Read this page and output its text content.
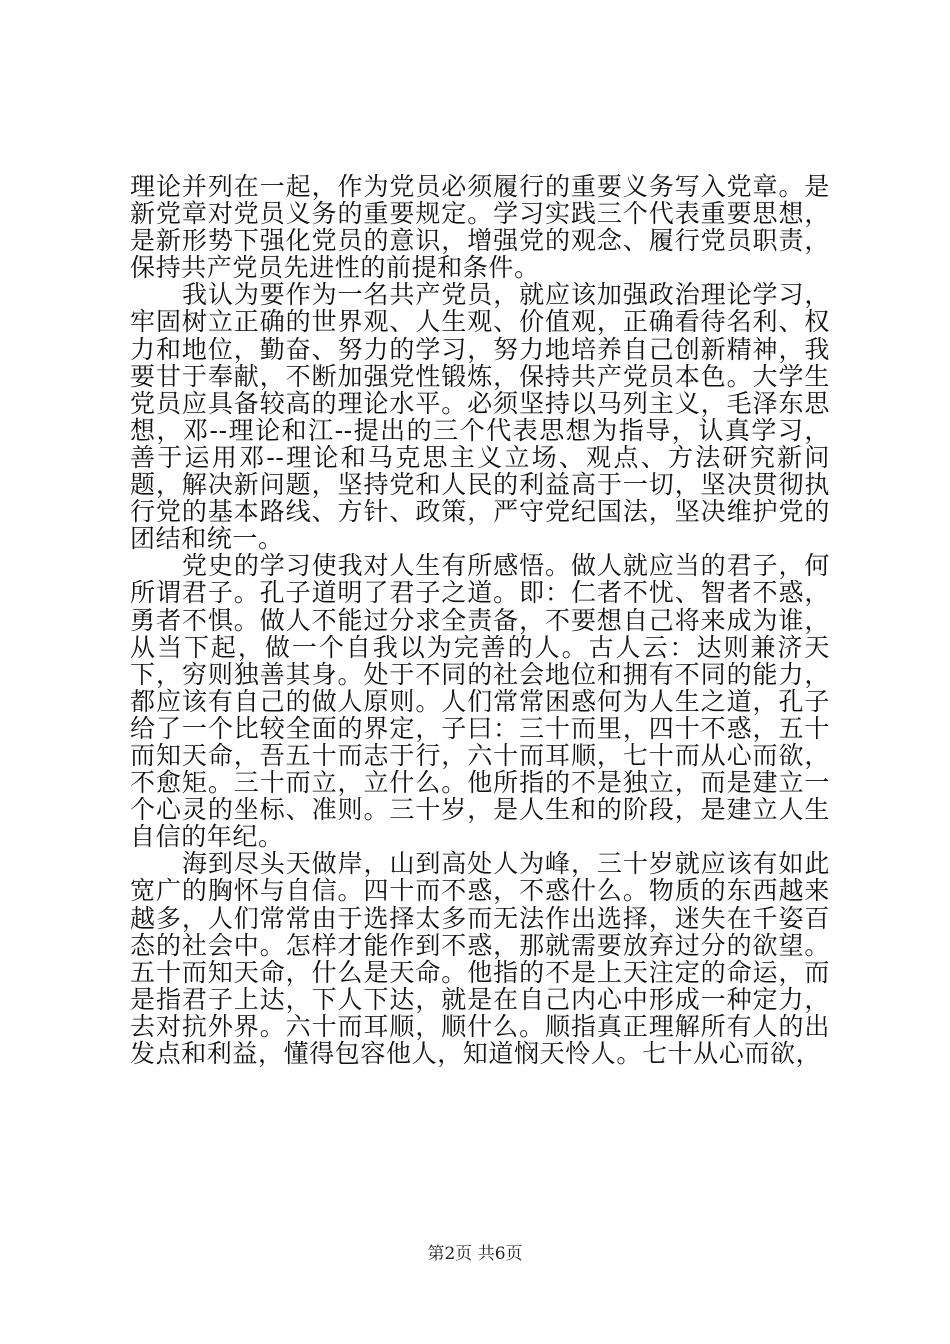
理论并列在一起，作为党员必须履行的重要义务写入党章。是新党章对党员义务的重要规定。学习实践三个代表重要思想，是新形势下强化党员的意识，增强党的观念、履行党员职责，保持共产党员先进性的前提和条件。

我认为要作为一名共产党员，就应该加强政治理论学习，牢固树立正确的世界观、人生观、价值观，正确看待名利、权力和地位，勤奋、努力的学习，努力地培养自己创新精神，我要甘于奉献，不断加强党性锻炼，保持共产党员本色。大学生党员应具备较高的理论水平。必须坚持以马列主义，毛泽东思想，邓--理论和江--提出的三个代表思想为指导，认真学习，善于运用邓--理论和马克思主义立场、观点、方法研究新问题，解决新问题，坚持党和人民的利益高于一切，坚决贯彻执行党的基本路线、方针、政策，严守党纪国法，坚决维护党的团结和统一。

党史的学习使我对人生有所感悟。做人就应当的君子，何所谓君子。孔子道明了君子之道。即：仁者不忧、智者不惑，勇者不惧。做人不能过分求全责备，不要想自己将来成为谁，从当下起，做一个自我以为完善的人。古人云：达则兼济天下，穷则独善其身。处于不同的社会地位和拥有不同的能力，都应该有自己的做人原则。人们常常困惑何为人生之道，孔子给了一个比较全面的界定，子曰：三十而里，四十不惑，五十而知天命，吾五十而志于行，六十而耳顺，七十而从心而欲，不愈矩。三十而立，立什么。他所指的不是独立，而是建立一个心灵的坐标、准则。三十岁，是人生和的阶段，是建立人生自信的年纪。

海到尽头天做岸，山到高处人为峰，三十岁就应该有如此宽广的胸怀与自信。四十而不惑，不惑什么。物质的东西越来越多，人们常常由于选择太多而无法作出选择，迷失在千姿百态的社会中。怎样才能作到不惑，那就需要放弃过分的欲望。五十而知天命，什么是天命。他指的不是上天注定的命运，而是指君子上达，下人下达，就是在自己内心中形成一种定力，去对抗外界。六十而耳顺，顺什么。顺指真正理解所有人的出发点和利益，懂得包容他人，知道悯天怜人。七十从心而欲，

第2页 共6页
